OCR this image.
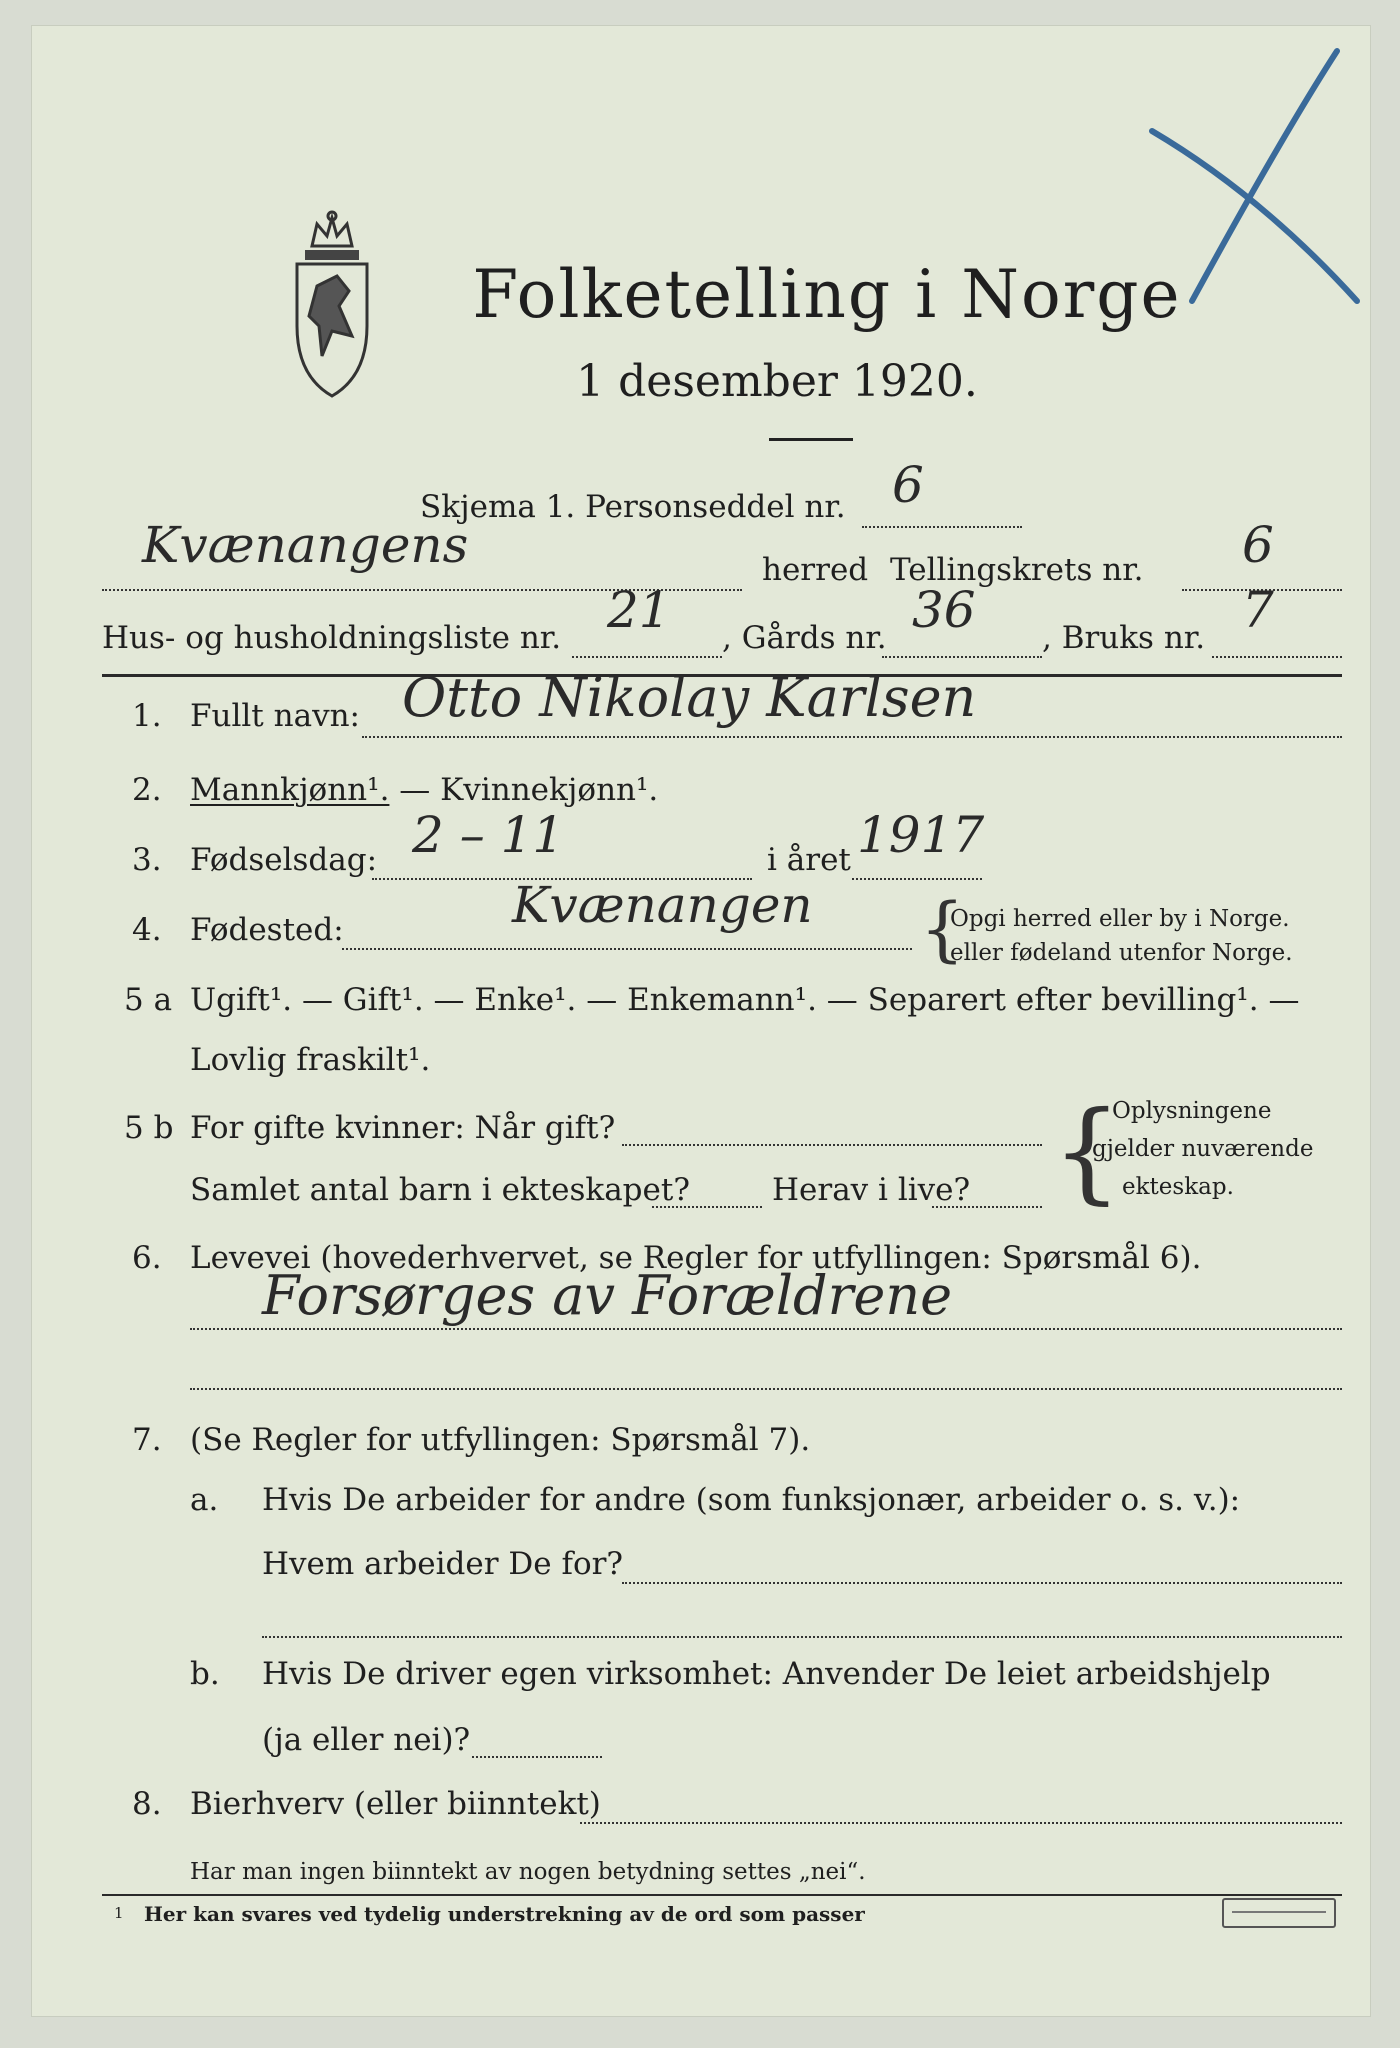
Folketelling i Norge
1 desember 1920.
Skjema 1. Personseddel nr. 6
Kvænangens	herred Tellingskrets nr. 6
Hus- og husholdningsliste nr. 21 , Gårds nr. 36 , Bruks nr. 7
1. Fullt navn: Otto Nikolay Karlsen
2. Mannkjønn¹. — Kvinnekjønn¹.
3. Fødselsdag: 2 – 11	i året 1917
4. Fødested:	Kvænangen {
Opgi herred eller by i Norge.
eller fødeland utenfor Norge.
5 a Ugift¹. — Gift¹. — Enke¹. — Enkemann¹. — Separert efter bevilling¹. —
Lovlig fraskilt¹.
5 b For gifte kvinner: Når gift?
Samlet antal barn i ekteskapet?	Herav i live? {
Oplysningene
gjelder nuværende
ekteskap.
6. Levevei (hovederhvervet, se Regler for utfyllingen: Spørsmål 6).
Forsørges av Forældrene
7. (Se Regler for utfyllingen: Spørsmål 7).
a. Hvis De arbeider for andre (som funksjonær, arbeider o. s. v.):
Hvem arbeider De for?
b. Hvis De driver egen virksomhet: Anvender De leiet arbeidshjelp
(ja eller nei)?
8. Bierhverv (eller biinntekt)
Har man ingen biinntekt av nogen betydning settes „nei“.
1 Her kan svares ved tydelig understrekning av de ord som passer
